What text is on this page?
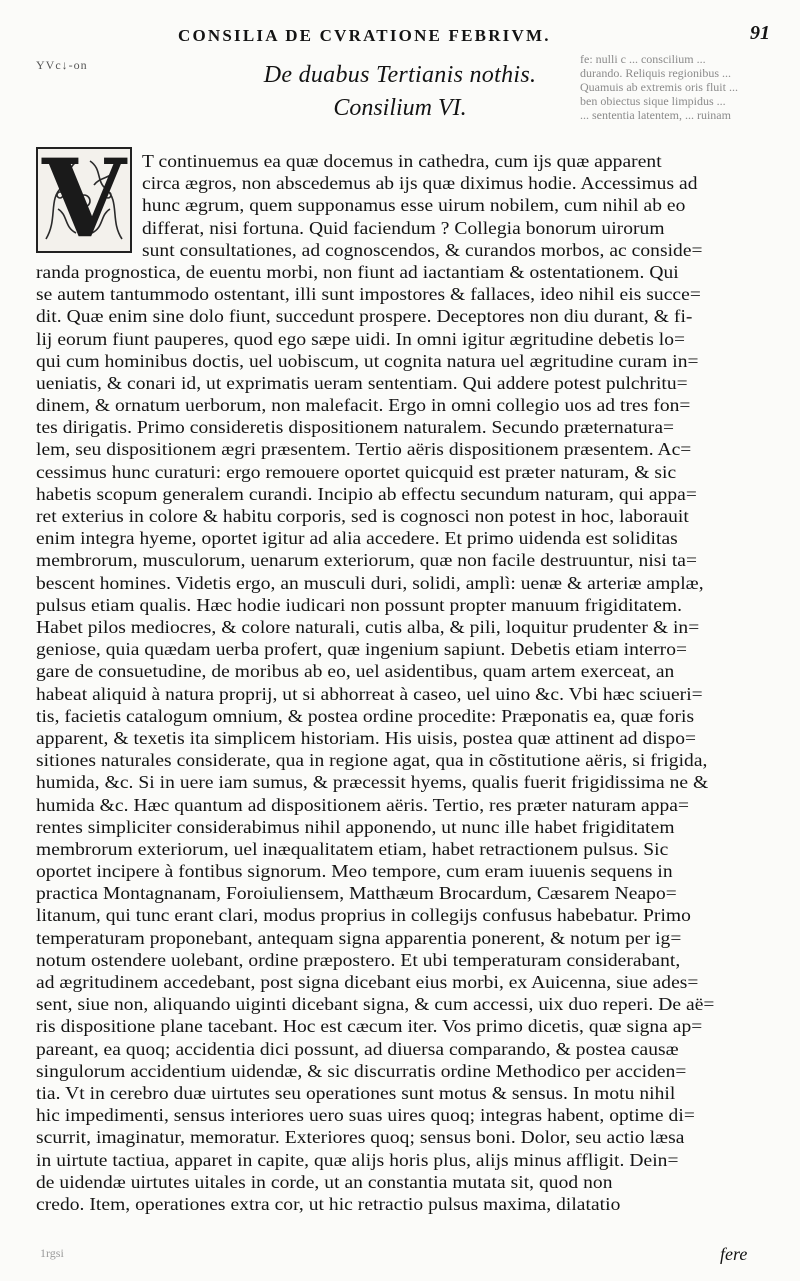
ΥVc↓-on	fe: nulli c ... conscilium ...
durando. Reliquis regionibus ...
Quamuis ab extremis oris fluit ...
ben obiectus sique limpidus ...
... sententia latentem, ... ruinam
CONSILIA DE CVRATIONE FEBRIVM.	91
De duabus Tertianis nothis.
Consilium VI.
V T continuemus ea quæ docemus in cathedra, cum ijs quæ apparent
circa ægros, non abscedemus ab ijs quæ diximus hodie. Accessimus ad
hunc ægrum, quem supponamus esse uirum nobilem, cum nihil ab eo
differat, nisi fortuna. Quid faciendum ? Collegia bonorum uirorum
sunt consultationes, ad cognoscendos, & curandos morbos, ac conside=
randa prognostica, de euentu morbi, non fiunt ad iactantiam & ostentationem. Qui
se autem tantummodo ostentant, illi sunt impostores & fallaces, ideo nihil eis succe=
dit. Quæ enim sine dolo fiunt, succedunt prospere. Deceptores non diu durant, & fi-
lij eorum fiunt pauperes, quod ego sæpe uidi. In omni igitur ægritudine debetis lo=
qui cum hominibus doctis, uel uobiscum, ut cognita natura uel ægritudine curam in=
ueniatis, & conari id, ut exprimatis ueram sententiam. Qui addere potest pulchritu=
dinem, & ornatum uerborum, non malefacit. Ergo in omni collegio uos ad tres fon=
tes dirigatis. Primo consideretis dispositionem naturalem. Secundo præternatura=
lem, seu dispositionem ægri præsentem. Tertio aëris dispositionem præsentem. Ac=
cessimus hunc curaturi: ergo remouere oportet quicquid est præter naturam, & sic
habetis scopum generalem curandi. Incipio ab effectu secundum naturam, qui appa=
ret exterius in colore & habitu corporis, sed is cognosci non potest in hoc, laborauit
enim integra hyeme, oportet igitur ad alia accedere. Et primo uidenda est soliditas
membrorum, musculorum, uenarum exteriorum, quæ non facile destruuntur, nisi ta=
bescent homines. Videtis ergo, an musculi duri, solidi, amplì: uenæ & arteriæ amplæ,
pulsus etiam qualis. Hæc hodie iudicari non possunt propter manuum frigiditatem.
Habet pilos mediocres, & colore naturali, cutis alba, & pili, loquitur prudenter & in=
geniose, quia quædam uerba profert, quæ ingenium sapiunt. Debetis etiam interro=
gare de consuetudine, de moribus ab eo, uel asidentibus, quam artem exerceat, an
habeat aliquid à natura proprij, ut si abhorreat à caseo, uel uino &c. Vbi hæc sciueri=
tis, facietis catalogum omnium, & postea ordine procedite: Præponatis ea, quæ foris
apparent, & texetis ita simplicem historiam. His uisis, postea quæ attinent ad dispo=
sitiones naturales considerate, qua in regione agat, qua in cõstitutione aëris, si frigida,
humida, &c. Si in uere iam sumus, & præcessit hyems, qualis fuerit frigidissima ne &
humida &c. Hæc quantum ad dispositionem aëris. Tertio, res præter naturam appa=
rentes simpliciter considerabimus nihil apponendo, ut nunc ille habet frigiditatem
membrorum exteriorum, uel inæqualitatem etiam, habet retractionem pulsus. Sic
oportet incipere à fontibus signorum. Meo tempore, cum eram iuuenis sequens in
practica Montagnanam, Foroiuliensem, Matthæum Brocardum, Cæsarem Neapo=
litanum, qui tunc erant clari, modus proprius in collegijs confusus habebatur. Primo
temperaturam proponebant, antequam signa apparentia ponerent, & notum per ig=
notum ostendere uolebant, ordine præpostero. Et ubi temperaturam considerabant,
ad ægritudinem accedebant, post signa dicebant eius morbi, ex Auicenna, siue ades=
sent, siue non, aliquando uiginti dicebant signa, & cum accessi, uix duo reperi. De aë=
ris dispositione plane tacebant. Hoc est cæcum iter. Vos primo dicetis, quæ signa ap=
pareant, ea quoq; accidentia dici possunt, ad diuersa comparando, & postea causæ
singulorum accidentium uidendæ, & sic discurratis ordine Methodico per acciden=
tia. Vt in cerebro duæ uirtutes seu operationes sunt motus & sensus. In motu nihil
hic impedimenti, sensus interiores uero suas uires quoq; integras habent, optime di=
scurrit, imaginatur, memoratur. Exteriores quoq; sensus boni. Dolor, seu actio læsa
in uirtute tactiua, apparet in capite, quæ alijs horis plus, alijs minus affligit. Dein=
de uidendæ uirtutes uitales in corde, ut an constantia mutata sit, quod non
credo. Item, operationes extra cor, ut hic retractio pulsus maxima, dilatatio
1rgsi	fere
